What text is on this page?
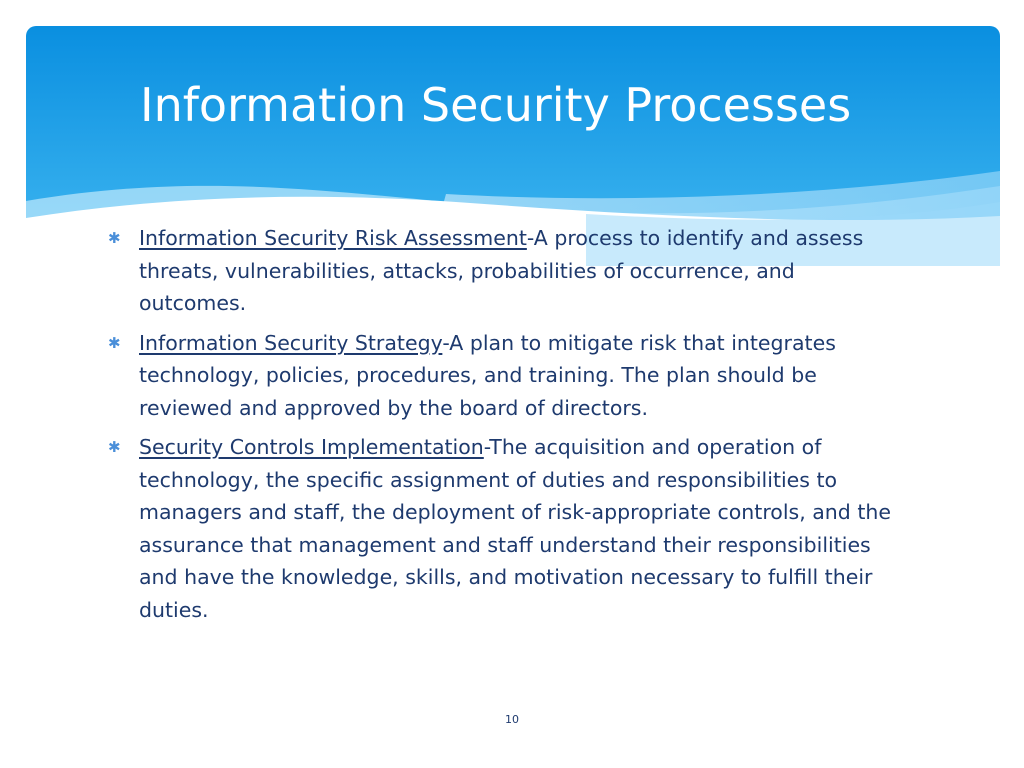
Information Security Processes
✱ Information Security Risk Assessment-A process to identify and assess threats, vulnerabilities, attacks, probabilities of occurrence, and outcomes.
✱ Information Security Strategy-A plan to mitigate risk that integrates technology, policies, procedures, and training. The plan should be reviewed and approved by the board of directors.
✱ Security Controls Implementation-The acquisition and operation of technology, the specific assignment of duties and responsibilities to managers and staff, the deployment of risk-appropriate controls, and the assurance that management and staff understand their responsibilities and have the knowledge, skills, and motivation necessary to fulfill their duties.
10
